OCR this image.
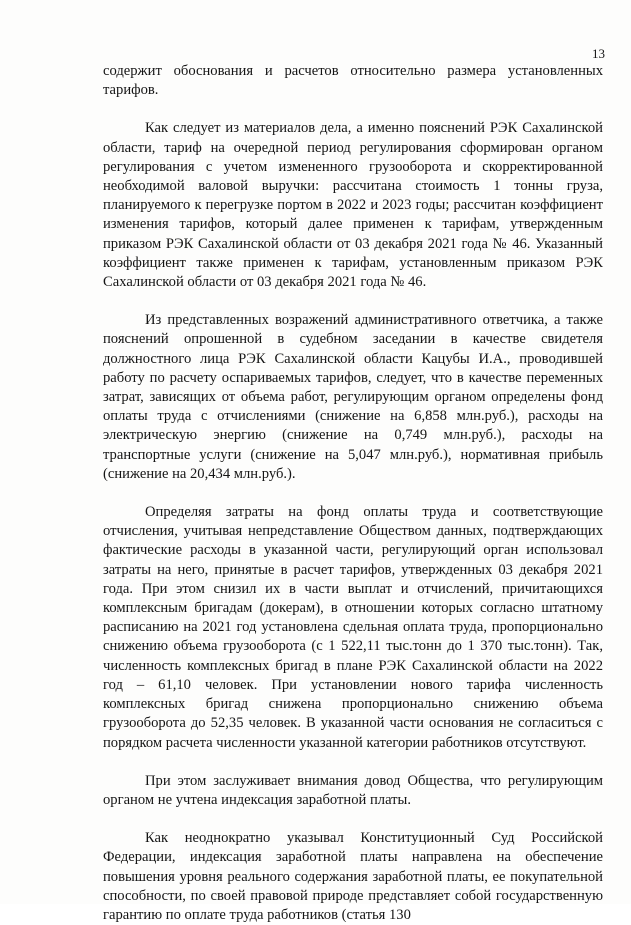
13

содержит обоснования и расчетов относительно размера установленных тарифов.

Как следует из материалов дела, а именно пояснений РЭК Сахалинской области, тариф на очередной период регулирования сформирован органом регулирования с учетом измененного грузооборота и скорректированной необходимой валовой выручки: рассчитана стоимость 1 тонны груза, планируемого к перегрузке портом в 2022 и 2023 годы; рассчитан коэффициент изменения тарифов, который далее применен к тарифам, утвержденным приказом РЭК Сахалинской области от 03 декабря 2021 года № 46. Указанный коэффициент также применен к тарифам, установленным приказом РЭК Сахалинской области от 03 декабря 2021 года № 46.

Из представленных возражений административного ответчика, а также пояснений опрошенной в судебном заседании в качестве свидетеля должностного лица РЭК Сахалинской области Кацубы И.А., проводившей работу по расчету оспариваемых тарифов, следует, что в качестве переменных затрат, зависящих от объема работ, регулирующим органом определены фонд оплаты труда с отчислениями (снижение на 6,858 млн.руб.), расходы на электрическую энергию (снижение на 0,749 млн.руб.), расходы на транспортные услуги (снижение на 5,047 млн.руб.), нормативная прибыль (снижение на 20,434 млн.руб.).

Определяя затраты на фонд оплаты труда и соответствующие отчисления, учитывая непредставление Обществом данных, подтверждающих фактические расходы в указанной части, регулирующий орган использовал затраты на него, принятые в расчет тарифов, утвержденных 03 декабря 2021 года. При этом снизил их в части выплат и отчислений, причитающихся комплексным бригадам (докерам), в отношении которых согласно штатному расписанию на 2021 год установлена сдельная оплата труда, пропорционально снижению объема грузооборота (с 1 522,11 тыс.тонн до 1 370 тыс.тонн). Так, численность комплексных бригад в плане РЭК Сахалинской области на 2022 год – 61,10 человек. При установлении нового тарифа численность комплексных бригад снижена пропорционально снижению объема грузооборота до 52,35 человек. В указанной части основания не согласиться с порядком расчета численности указанной категории работников отсутствуют.

При этом заслуживает внимания довод Общества, что регулирующим органом не учтена индексация заработной платы.

Как неоднократно указывал Конституционный Суд Российской Федерации, индексация заработной платы направлена на обеспечение повышения уровня реального содержания заработной платы, ее покупательной способности, по своей правовой природе представляет собой государственную гарантию по оплате труда работников (статья 130
